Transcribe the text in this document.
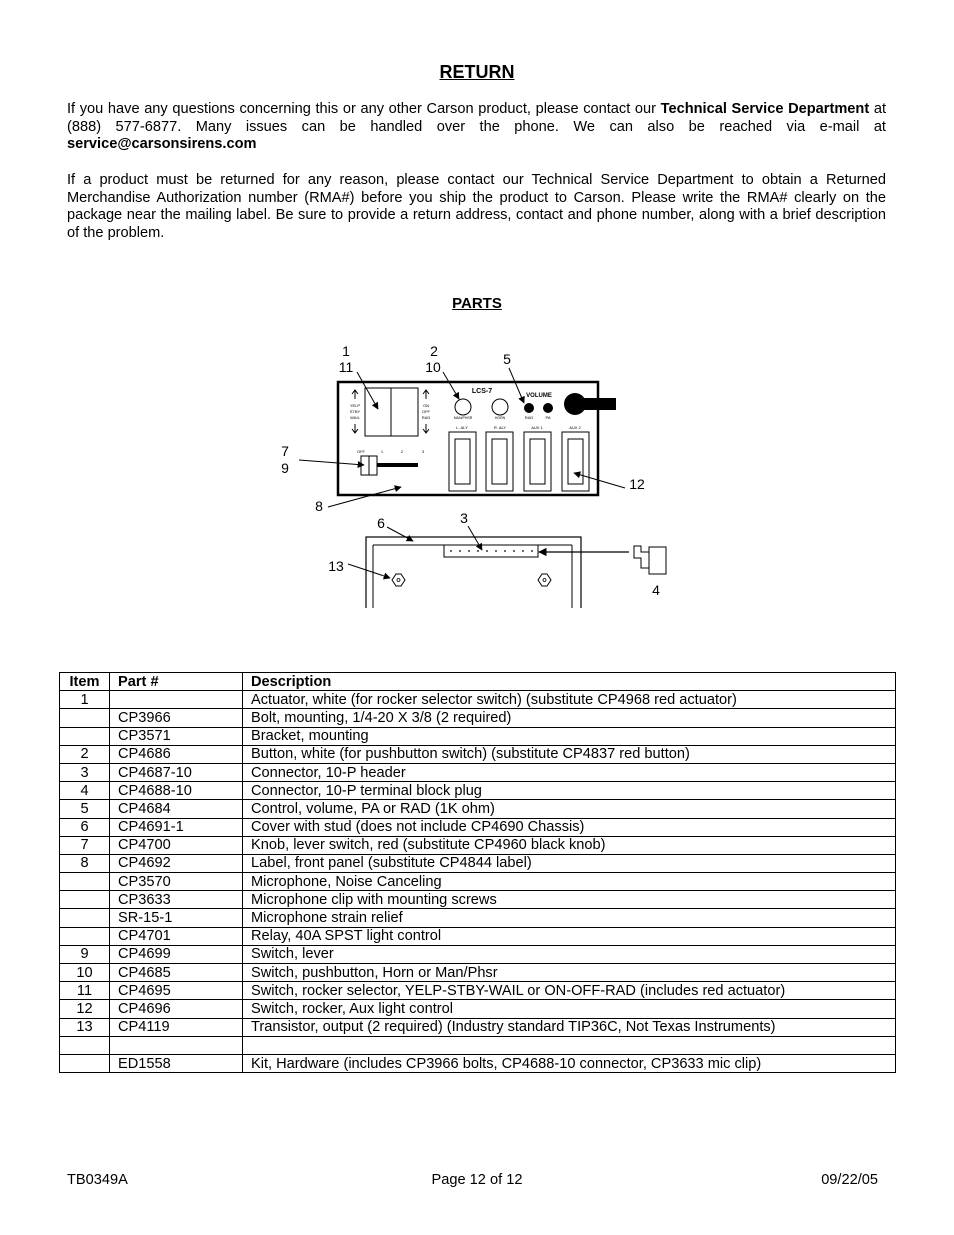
RETURN

If you have any questions concerning this or any other Carson product, please contact our Technical Service Department at (888) 577-6877. Many issues can be handled over the phone. We can also be reached via e-mail at service@carsonsirens.com

If a product must be returned for any reason, please contact our Technical Service Department to obtain a Returned Merchandise Authorization number (RMA#) before you ship the product to Carson. Please write the RMA# clearly on the package near the mailing label. Be sure to provide a return address, contact and phone number, along with a brief description of the problem.

PARTS
YELP
STBY
WAIL
ON
OFF
RAD
OFF	1	2	3
LCS-7
MAN/PHSR	HORN
VOLUME
RAD	PA
L. ALY	R. ALY	AUX 1	AUX 2
1
11
2
10	5
7
9
8
12
6	3
13
4
Item	Part #	Description
1		Actuator, white (for rocker selector switch) (substitute CP4968 red actuator)
	CP3966	Bolt, mounting, 1/4-20 X 3/8 (2 required)
	CP3571	Bracket, mounting
2	CP4686	Button, white (for pushbutton switch) (substitute CP4837 red button)
3	CP4687-10	Connector, 10-P header
4	CP4688-10	Connector, 10-P terminal block plug
5	CP4684	Control, volume, PA or RAD (1K ohm)
6	CP4691-1	Cover with stud (does not include CP4690 Chassis)
7	CP4700	Knob, lever switch, red (substitute CP4960 black knob)
8	CP4692	Label, front panel (substitute CP4844 label)
	CP3570	Microphone, Noise Canceling
	CP3633	Microphone clip with mounting screws
	SR-15-1	Microphone strain relief
	CP4701	Relay, 40A SPST light control
9	CP4699	Switch, lever
10	CP4685	Switch, pushbutton, Horn or Man/Phsr
11	CP4695	Switch, rocker selector, YELP-STBY-WAIL or ON-OFF-RAD (includes red actuator)
12	CP4696	Switch, rocker, Aux light control
13	CP4119	Transistor, output (2 required) (Industry standard TIP36C, Not Texas Instruments)

	ED1558	Kit, Hardware (includes CP3966 bolts, CP4688-10 connector, CP3633 mic clip)
TB0349A	Page 12 of 12	09/22/05
